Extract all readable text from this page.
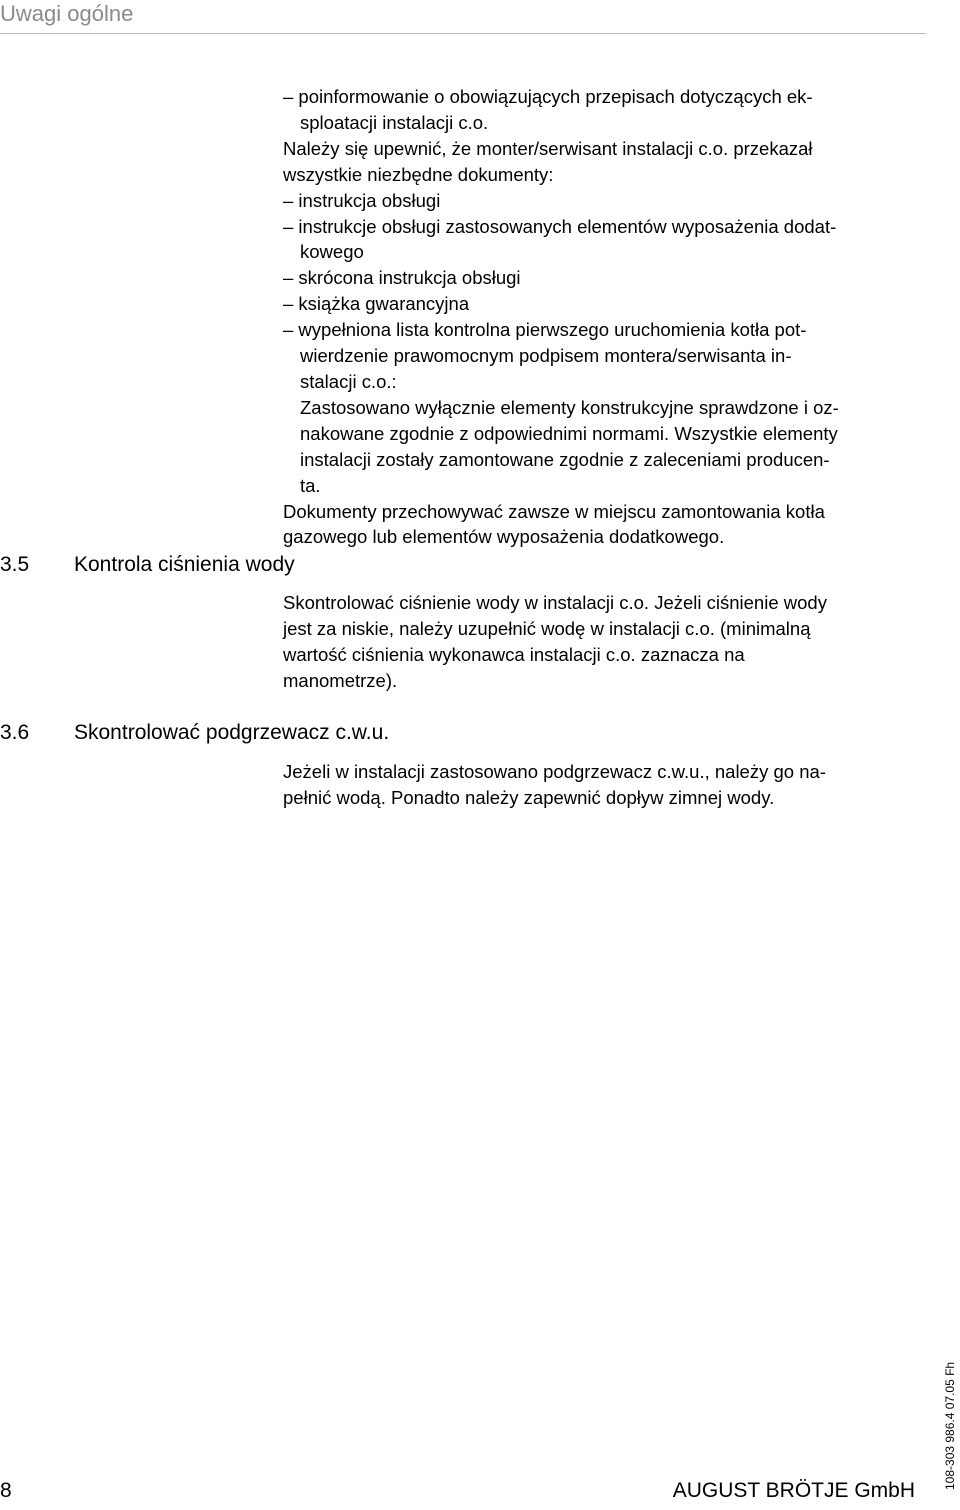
Uwagi ogólne
– poinformowanie o obowiązujących przepisach dotyczących ek-
sploatacji instalacji c.o.
Należy się upewnić, że monter/serwisant instalacji c.o. przekazał
wszystkie niezbędne dokumenty:
– instrukcja obsługi
– instrukcje obsługi zastosowanych elementów wyposażenia dodat-
kowego
– skrócona instrukcja obsługi
– książka gwarancyjna
– wypełniona lista kontrolna pierwszego uruchomienia kotła pot-
wierdzenie prawomocnym podpisem montera/serwisanta in-
stalacji c.o.:
Zastosowano wyłącznie elementy konstrukcyjne sprawdzone i oz-
nakowane zgodnie z odpowiednimi normami. Wszystkie elementy
instalacji zostały zamontowane zgodnie z zaleceniami producen-
ta.
Dokumenty przechowywać zawsze w miejscu zamontowania kotła
gazowego lub elementów wyposażenia dodatkowego.
3.5 Kontrola ciśnienia wody
Skontrolować ciśnienie wody w instalacji c.o. Jeżeli ciśnienie wody
jest za niskie, należy uzupełnić wodę w instalacji c.o. (minimalną
wartość ciśnienia wykonawca instalacji c.o. zaznacza na
manometrze).
3.6 Skontrolować podgrzewacz c.w.u.
Jeżeli w instalacji zastosowano podgrzewacz c.w.u., należy go na-
pełnić wodą. Ponadto należy zapewnić dopływ zimnej wody.
108-303 986.4 07.05 Fh
8	AUGUST BRÖTJE GmbH
